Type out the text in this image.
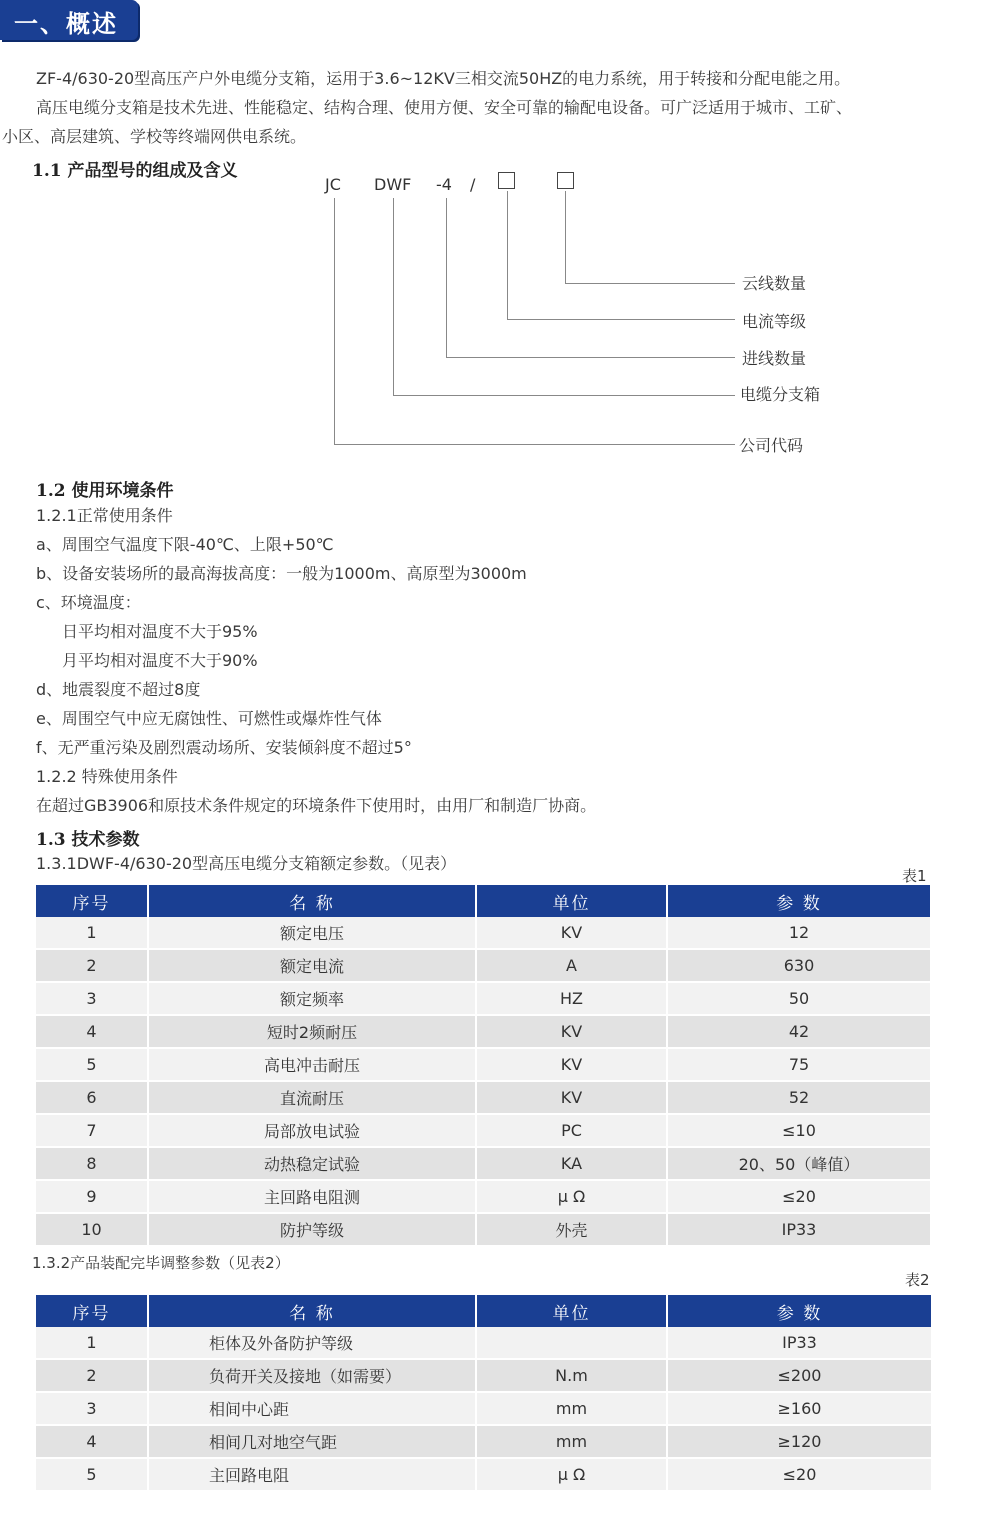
一、概述
ZF-4/630-20型高压产户外电缆分支箱，运用于3.6~12KV三相交流50HZ的电力系统，用于转接和分配电能之用。
高压电缆分支箱是技术先进、性能稳定、结构合理、使用方便、安全可靠的输配电设备。可广泛适用于城市、工矿、
小区、高层建筑、学校等终端网供电系统。
1.1 产品型号的组成及含义
JC DWF -4 /
云线数量
电流等级
进线数量
电缆分支箱
公司代码
1.2 使用环境条件
1.2.1正常使用条件
a、周围空气温度下限-40℃、上限+50℃
b、设备安装场所的最高海拔高度：一般为1000m、高原型为3000m
c、环境温度：
日平均相对温度不大于95%
月平均相对温度不大于90%
d、地震裂度不超过8度
e、周围空气中应无腐蚀性、可燃性或爆炸性气体
f、无严重污染及剧烈震动场所、安装倾斜度不超过5°
1.2.2 特殊使用条件
在超过GB3906和原技术条件规定的环境条件下使用时，由用厂和制造厂协商。
1.3 技术参数
1.3.1DWF-4/630-20型高压电缆分支箱额定参数。（见表）
表1
序号	名 称	单位	参 数
1	额定电压	KV	12
2	额定电流	A	630
3	额定频率	HZ	50
4	短时2频耐压	KV	42
5	高电冲击耐压	KV	75
6	直流耐压	KV	52
7	局部放电试验	PC	≤10
8	动热稳定试验	KA	20、50（峰值）
9	主回路电阻测	μ Ω	≤20
10	防护等级	外壳	IP33
1.3.2产品装配完毕调整参数（见表2）
表2
序号	名 称	单位	参 数
1	柜体及外备防护等级		IP33
2	负荷开关及接地（如需要）	N.m	≤200
3	相间中心距	mm	≥160
4	相间几对地空气距	mm	≥120
5	主回路电阻	μ Ω	≤20
